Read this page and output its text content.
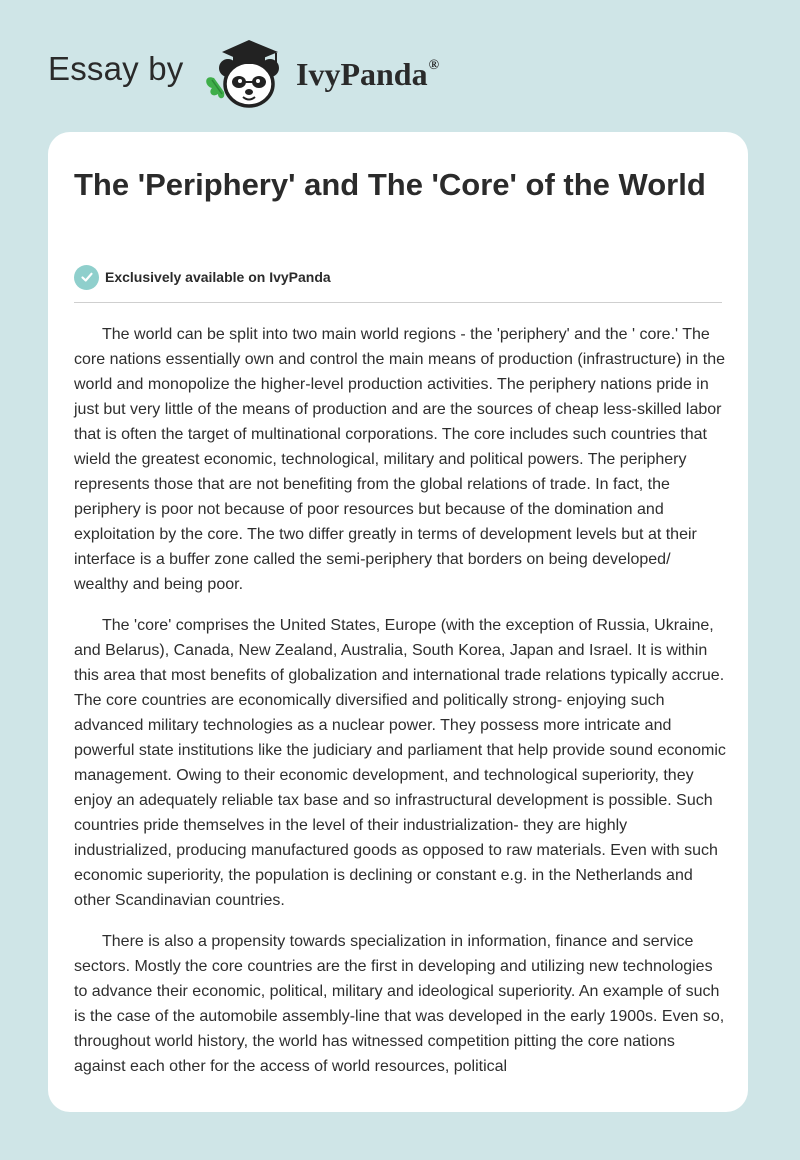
Essay by	IvyPanda®
The 'Periphery' and The 'Core' of the World
Exclusively available on IvyPanda

The world can be split into two main world regions - the 'periphery' and the ' core.' The core nations essentially own and control the main means of production (infrastructure) in the world and monopolize the higher-level production activities. The periphery nations pride in just but very little of the means of production and are the sources of cheap less-skilled labor that is often the target of multinational corporations. The core includes such countries that wield the greatest economic, technological, military and political powers. The periphery represents those that are not benefiting from the global relations of trade. In fact, the periphery is poor not because of poor resources but because of the domination and exploitation by the core. The two differ greatly in terms of development levels but at their interface is a buffer zone called the semi-periphery that borders on being developed/ wealthy and being poor.

The 'core' comprises the United States, Europe (with the exception of Russia, Ukraine, and Belarus), Canada, New Zealand, Australia, South Korea, Japan and Israel. It is within this area that most benefits of globalization and international trade relations typically accrue. The core countries are economically diversified and politically strong- enjoying such advanced military technologies as a nuclear power. They possess more intricate and powerful state institutions like the judiciary and parliament that help provide sound economic management. Owing to their economic development, and technological superiority, they enjoy an adequately reliable tax base and so infrastructural development is possible. Such countries pride themselves in the level of their industrialization- they are highly industrialized, producing manufactured goods as opposed to raw materials. Even with such economic superiority, the population is declining or constant e.g. in the Netherlands and other Scandinavian countries.

There is also a propensity towards specialization in information, finance and service sectors. Mostly the core countries are the first in developing and utilizing new technologies to advance their economic, political, military and ideological superiority. An example of such is the case of the automobile assembly-line that was developed in the early 1900s. Even so, throughout world history, the world has witnessed competition pitting the core nations against each other for the access of world resources, political
